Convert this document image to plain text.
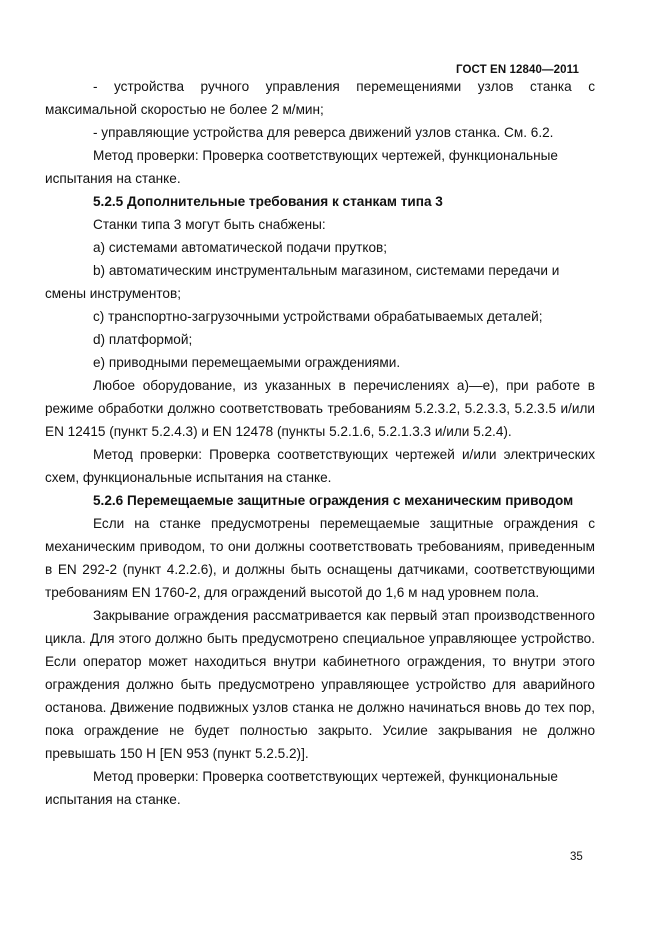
ГОСТ EN 12840—2011
- устройства ручного управления перемещениями узлов станка с
максимальной скоростью не более 2 м/мин;
- управляющие устройства для реверса движений узлов станка. См. 6.2.
Метод проверки: Проверка соответствующих чертежей, функциональные
испытания на станке.
5.2.5 Дополнительные требования к станкам типа 3
Станки типа 3 могут быть снабжены:
a) системами автоматической подачи прутков;
b) автоматическим инструментальным магазином, системами передачи и
смены инструментов;
c) транспортно-загрузочными устройствами обрабатываемых деталей;
d) платформой;
e) приводными перемещаемыми ограждениями.
Любое оборудование, из указанных в перечислениях a)—e), при работе в
режиме обработки должно соответствовать требованиям 5.2.3.2, 5.2.3.3, 5.2.3.5 и/или
EN 12415 (пункт 5.2.4.3) и EN 12478 (пункты 5.2.1.6, 5.2.1.3.3 и/или 5.2.4).
Метод проверки: Проверка соответствующих чертежей и/или электрических
схем, функциональные испытания на станке.
5.2.6 Перемещаемые защитные ограждения с механическим приводом
Если на станке предусмотрены перемещаемые защитные ограждения с
механическим приводом, то они должны соответствовать требованиям, приведенным
в EN 292-2 (пункт 4.2.2.6), и должны быть оснащены датчиками, соответствующими
требованиям EN 1760-2, для ограждений высотой до 1,6 м над уровнем пола.
Закрывание ограждения рассматривается как первый этап производственного
цикла. Для этого должно быть предусмотрено специальное управляющее устройство.
Если оператор может находиться внутри кабинетного ограждения, то внутри этого
ограждения должно быть предусмотрено управляющее устройство для аварийного
останова. Движение подвижных узлов станка не должно начинаться вновь до тех пор,
пока ограждение не будет полностью закрыто. Усилие закрывания не должно
превышать 150 Н [EN 953 (пункт 5.2.5.2)].
Метод проверки: Проверка соответствующих чертежей, функциональные
испытания на станке.
35
